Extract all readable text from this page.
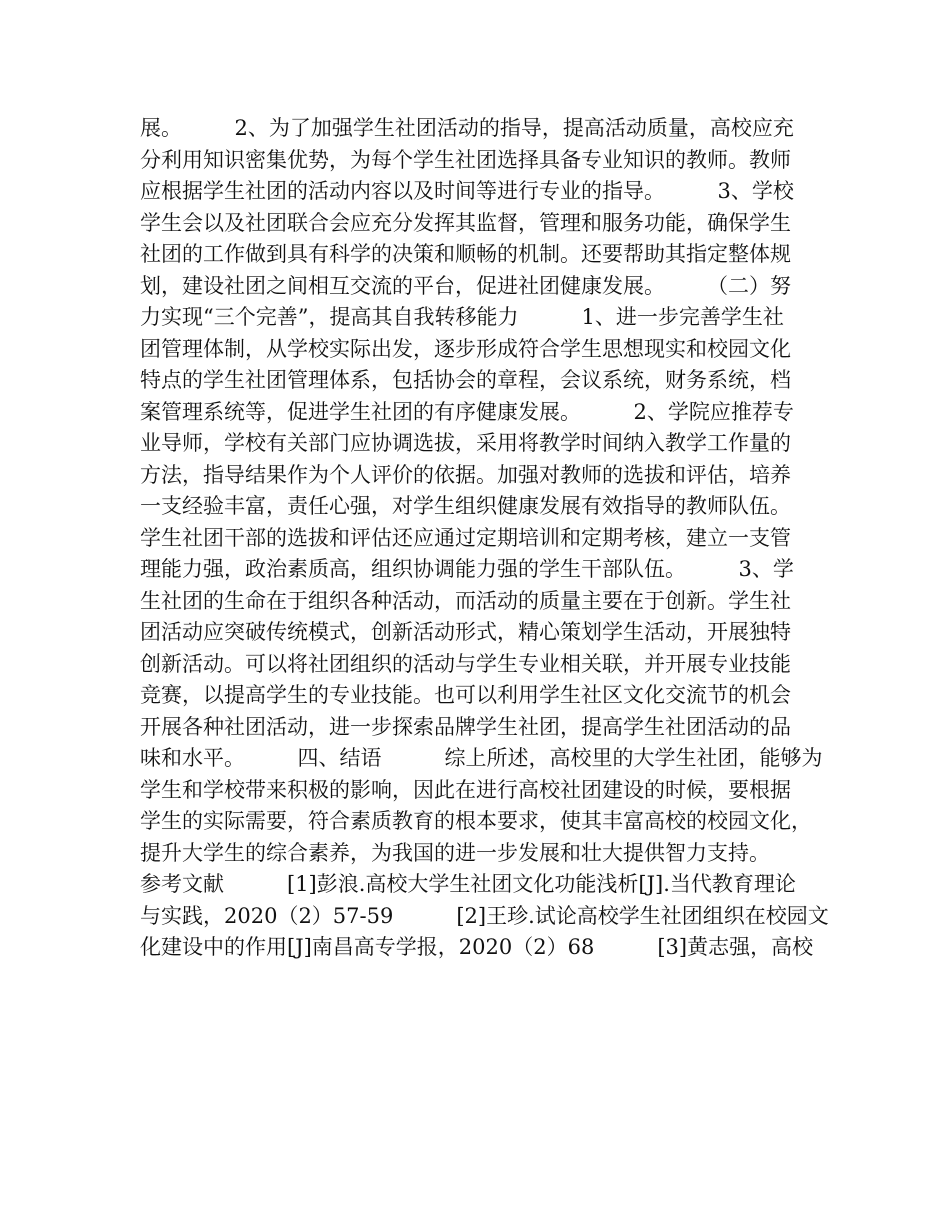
展。　　　2、为了加强学生社团活动的指导，提高活动质量，高校应充
分利用知识密集优势，为每个学生社团选择具备专业知识的教师。教师
应根据学生社团的活动内容以及时间等进行专业的指导。　　　3、学校
学生会以及社团联合会应充分发挥其监督，管理和服务功能，确保学生
社团的工作做到具有科学的决策和顺畅的机制。还要帮助其指定整体规
划，建设社团之间相互交流的平台，促进社团健康发展。　　　（二）努
力实现“三个完善”，提高其自我转移能力　　　1、进一步完善学生社
团管理体制，从学校实际出发，逐步形成符合学生思想现实和校园文化
特点的学生社团管理体系，包括协会的章程，会议系统，财务系统，档
案管理系统等，促进学生社团的有序健康发展。　　　2、学院应推荐专
业导师，学校有关部门应协调选拔，采用将教学时间纳入教学工作量的
方法，指导结果作为个人评价的依据。加强对教师的选拔和评估，培养
一支经验丰富，责任心强，对学生组织健康发展有效指导的教师队伍。
学生社团干部的选拔和评估还应通过定期培训和定期考核，建立一支管
理能力强，政治素质高，组织协调能力强的学生干部队伍。　　　3、学
生社团的生命在于组织各种活动，而活动的质量主要在于创新。学生社
团活动应突破传统模式，创新活动形式，精心策划学生活动，开展独特
创新活动。可以将社团组织的活动与学生专业相关联，并开展专业技能
竞赛，以提高学生的专业技能。也可以利用学生社区文化交流节的机会
开展各种社团活动，进一步探索品牌学生社团，提高学生社团活动的品
味和水平。　　　四、结语　　　综上所述，高校里的大学生社团，能够为
学生和学校带来积极的影响，因此在进行高校社团建设的时候，要根据
学生的实际需要，符合素质教育的根本要求，使其丰富高校的校园文化，
提升大学生的综合素养，为我国的进一步发展和壮大提供智力支持。
参考文献　　　[1]彭浪.高校大学生社团文化功能浅析[J].当代教育理论
与实践，2020（2）57-59　　　[2]王珍.试论高校学生社团组织在校园文
化建设中的作用[J]南昌高专学报，2020（2）68　　　[3]黄志强，高校
